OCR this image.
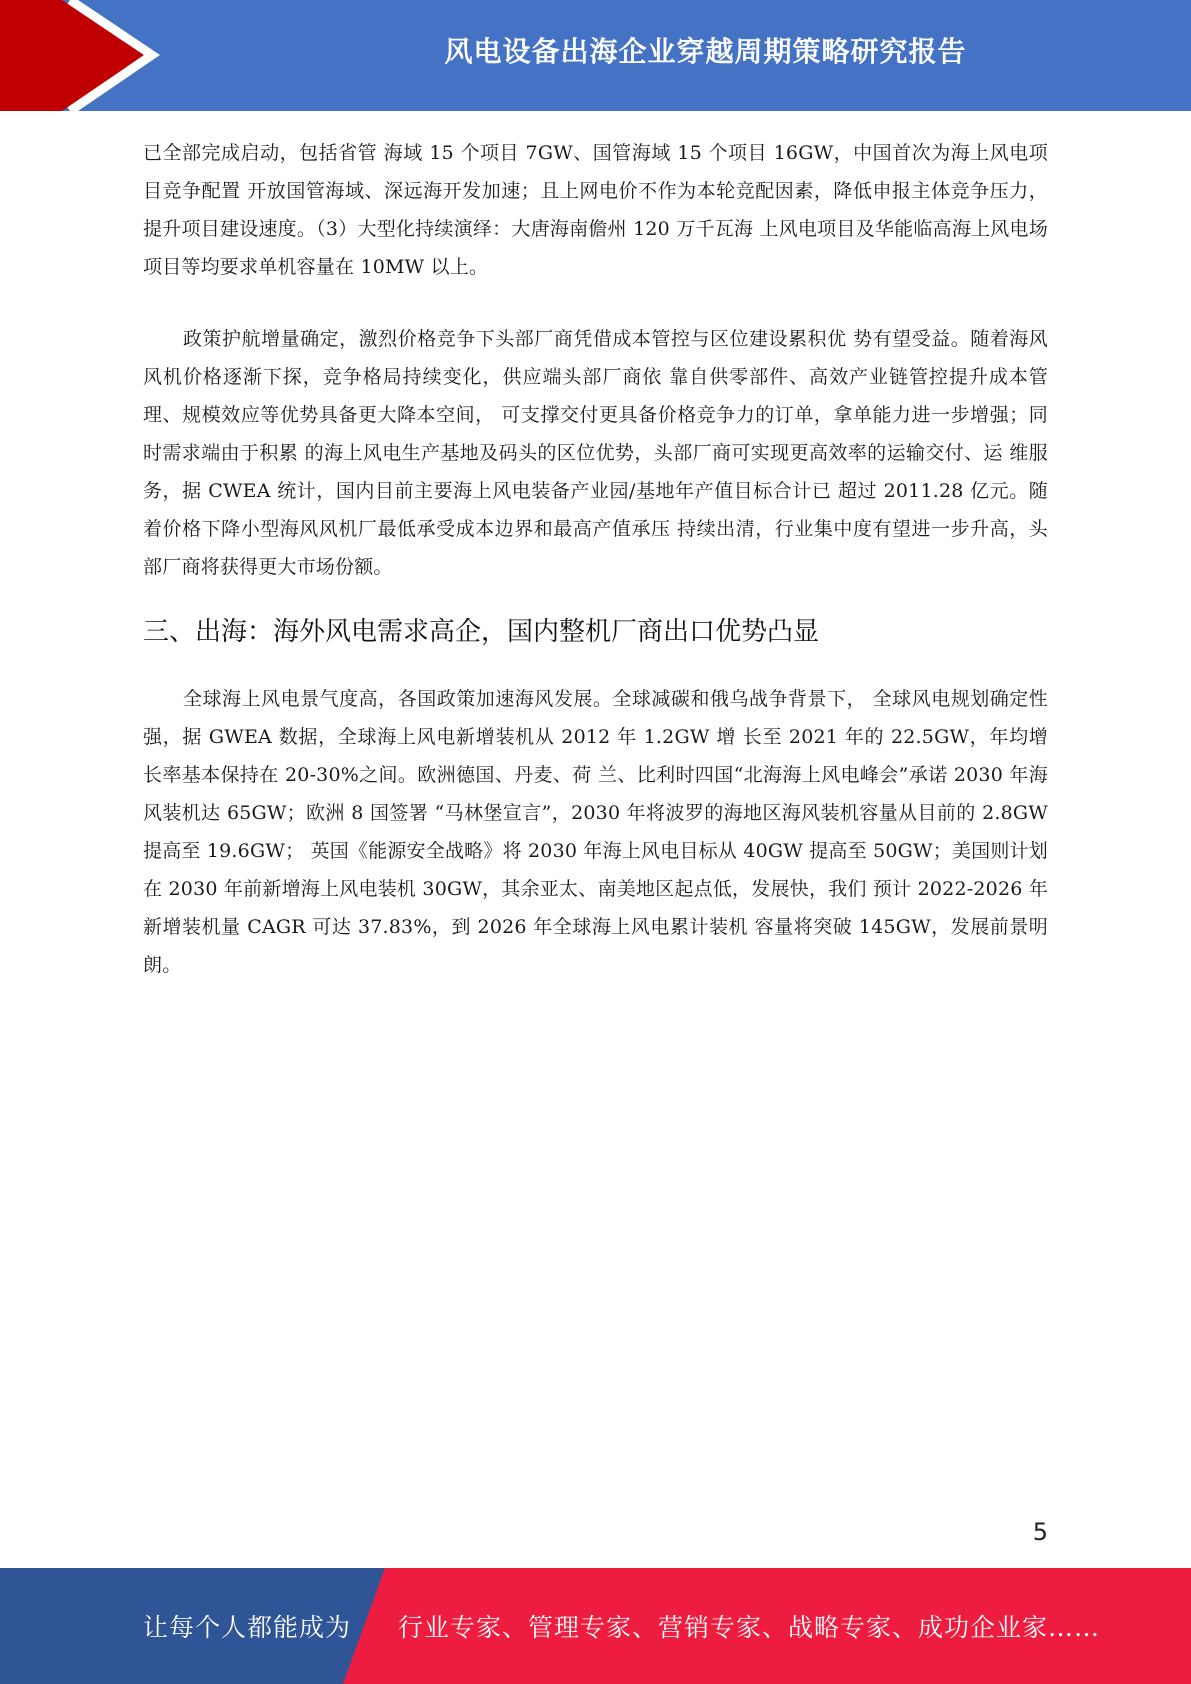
风电设备出海企业穿越周期策略研究报告

已全部完成启动，包括省管 海域 15 个项目 7GW、国管海域 15 个项目 16GW，中国首次为海上风电项目竞争配置 开放国管海域、深远海开发加速；且上网电价不作为本轮竞配因素，降低申报主体竞争压力，提升项目建设速度。（3）大型化持续演绎：大唐海南儋州 120 万千瓦海 上风电项目及华能临高海上风电场项目等均要求单机容量在 10MW 以上。

政策护航增量确定，激烈价格竞争下头部厂商凭借成本管控与区位建设累积优 势有望受益。随着海风风机价格逐渐下探，竞争格局持续变化，供应端头部厂商依 靠自供零部件、高效产业链管控提升成本管理、规模效应等优势具备更大降本空间， 可支撑交付更具备价格竞争力的订单，拿单能力进一步增强；同时需求端由于积累 的海上风电生产基地及码头的区位优势，头部厂商可实现更高效率的运输交付、运 维服务，据 CWEA 统计，国内目前主要海上风电装备产业园/基地年产值目标合计已 超过 2011.28 亿元。随着价格下降小型海风风机厂最低承受成本边界和最高产值承压 持续出清，行业集中度有望进一步升高，头部厂商将获得更大市场份额。

三、出海：海外风电需求高企，国内整机厂商出口优势凸显

全球海上风电景气度高，各国政策加速海风发展。全球减碳和俄乌战争背景下， 全球风电规划确定性强，据 GWEA 数据，全球海上风电新增装机从 2012 年 1.2GW 增 长至 2021 年的 22.5GW，年均增长率基本保持在 20-30%之间。欧洲德国、丹麦、荷 兰、比利时四国“北海海上风电峰会”承诺 2030 年海风装机达 65GW；欧洲 8 国签署 “马林堡宣言”，2030 年将波罗的海地区海风装机容量从目前的 2.8GW 提高至 19.6GW； 英国《能源安全战略》将 2030 年海上风电目标从 40GW 提高至 50GW；美国则计划 在 2030 年前新增海上风电装机 30GW，其余亚太、南美地区起点低，发展快，我们 预计 2022-2026 年新增装机量 CAGR 可达 37.83%，到 2026 年全球海上风电累计装机 容量将突破 145GW，发展前景明朗。

5
让每个人都能成为 行业专家、管理专家、营销专家、战略专家、成功企业家……
